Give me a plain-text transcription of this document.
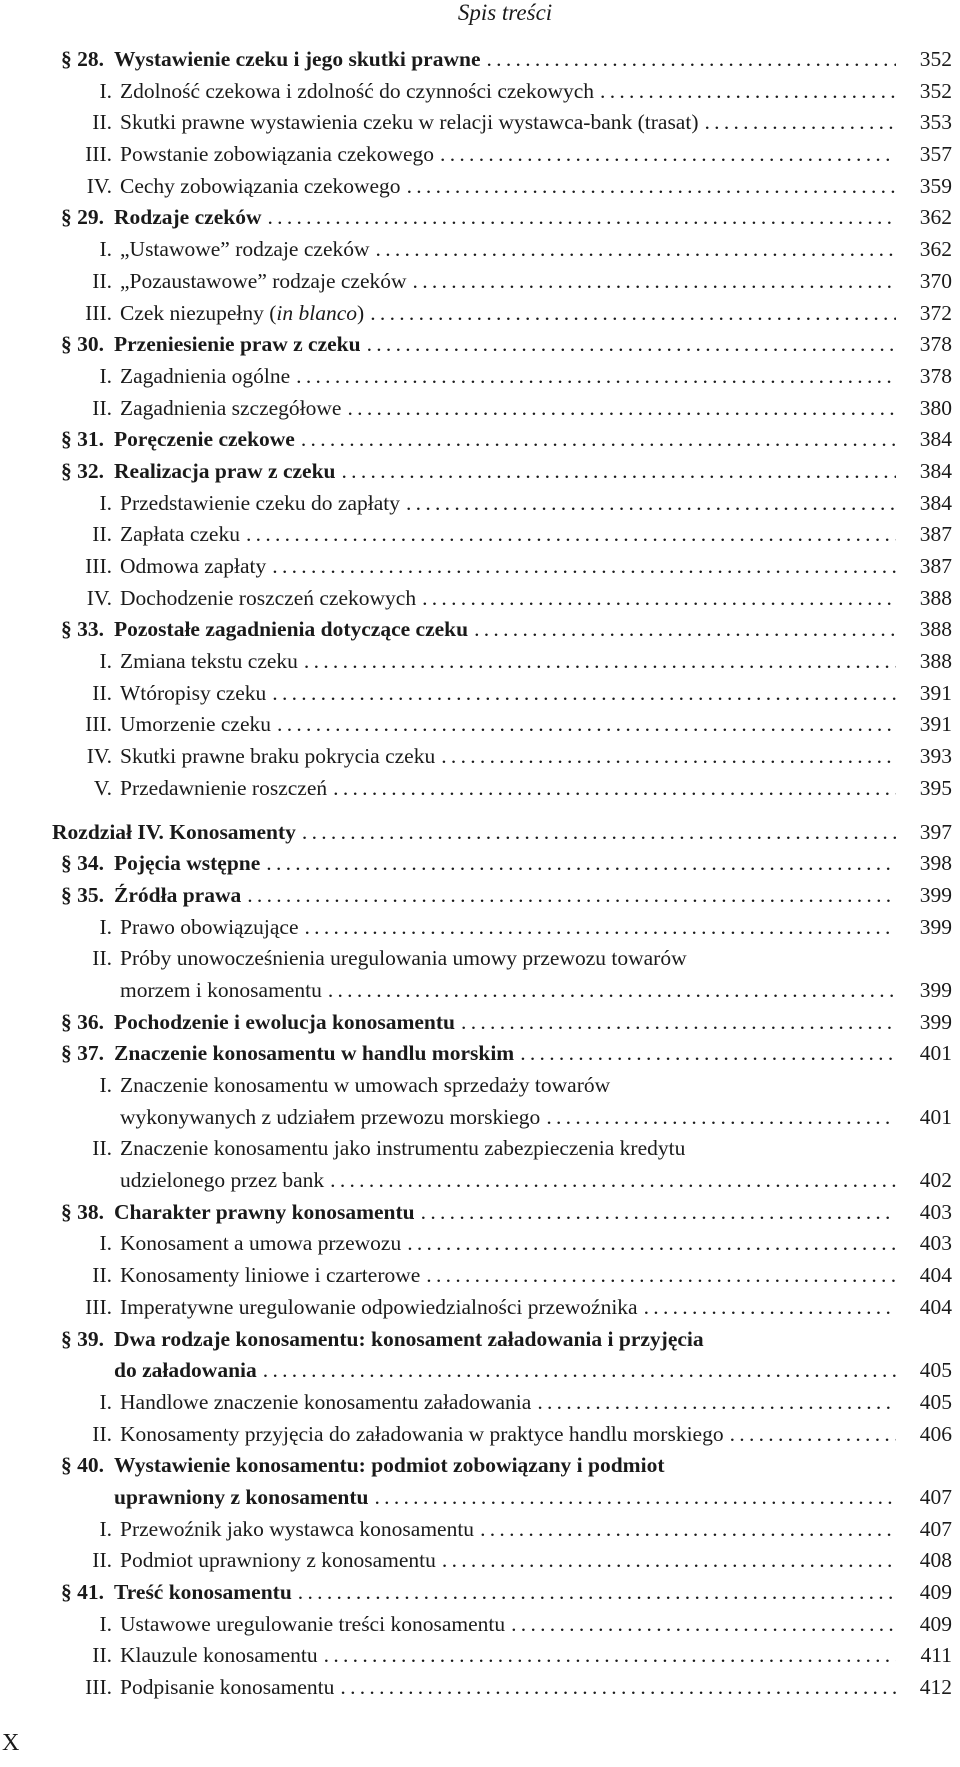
Spis treści
§ 28. Wystawienie czeku i jego skutki prawne .....	352
I. Zdolność czekowa i zdolność do czynności czekowych .....	352
II. Skutki prawne wystawienia czeku w relacji wystawca-bank (trasat) .....	353
III. Powstanie zobowiązania czekowego .....	357
IV. Cechy zobowiązania czekowego .....	359
§ 29. Rodzaje czeków .....	362
I. „Ustawowe” rodzaje czeków .....	362
II. „Pozaustawowe” rodzaje czeków .....	370
III. Czek niezupełny (in blanco) .....	372
§ 30. Przeniesienie praw z czeku .....	378
I. Zagadnienia ogólne .....	378
II. Zagadnienia szczegółowe .....	380
§ 31. Poręczenie czekowe .....	384
§ 32. Realizacja praw z czeku .....	384
I. Przedstawienie czeku do zapłaty .....	384
II. Zapłata czeku .....	387
III. Odmowa zapłaty .....	387
IV. Dochodzenie roszczeń czekowych .....	388
§ 33. Pozostałe zagadnienia dotyczące czeku .....	388
I. Zmiana tekstu czeku .....	388
II. Wtóropisy czeku .....	391
III. Umorzenie czeku .....	391
IV. Skutki prawne braku pokrycia czeku .....	393
V. Przedawnienie roszczeń .....	395
Rozdział IV. Konosamenty .....	397
§ 34. Pojęcia wstępne .....	398
§ 35. Źródła prawa .....	399
I. Prawo obowiązujące .....	399
II. Próby unowocześnienia uregulowania umowy przewozu towarów
morzem i konosamentu .....	399
§ 36. Pochodzenie i ewolucja konosamentu .....	399
§ 37. Znaczenie konosamentu w handlu morskim .....	401
I. Znaczenie konosamentu w umowach sprzedaży towarów
wykonywanych z udziałem przewozu morskiego .....	401
II. Znaczenie konosamentu jako instrumentu zabezpieczenia kredytu
udzielonego przez bank .....	402
§ 38. Charakter prawny konosamentu .....	403
I. Konosament a umowa przewozu .....	403
II. Konosamenty liniowe i czarterowe .....	404
III. Imperatywne uregulowanie odpowiedzialności przewoźnika .....	404
§ 39. Dwa rodzaje konosamentu: konosament załadowania i przyjęcia
do załadowania .....	405
I. Handlowe znaczenie konosamentu załadowania .....	405
II. Konosamenty przyjęcia do załadowania w praktyce handlu morskiego .....	406
§ 40. Wystawienie konosamentu: podmiot zobowiązany i podmiot
uprawniony z konosamentu .....	407
I. Przewoźnik jako wystawca konosamentu .....	407
II. Podmiot uprawniony z konosamentu .....	408
§ 41. Treść konosamentu .....	409
I. Ustawowe uregulowanie treści konosamentu .....	409
II. Klauzule konosamentu .....	411
III. Podpisanie konosamentu .....	412
X
